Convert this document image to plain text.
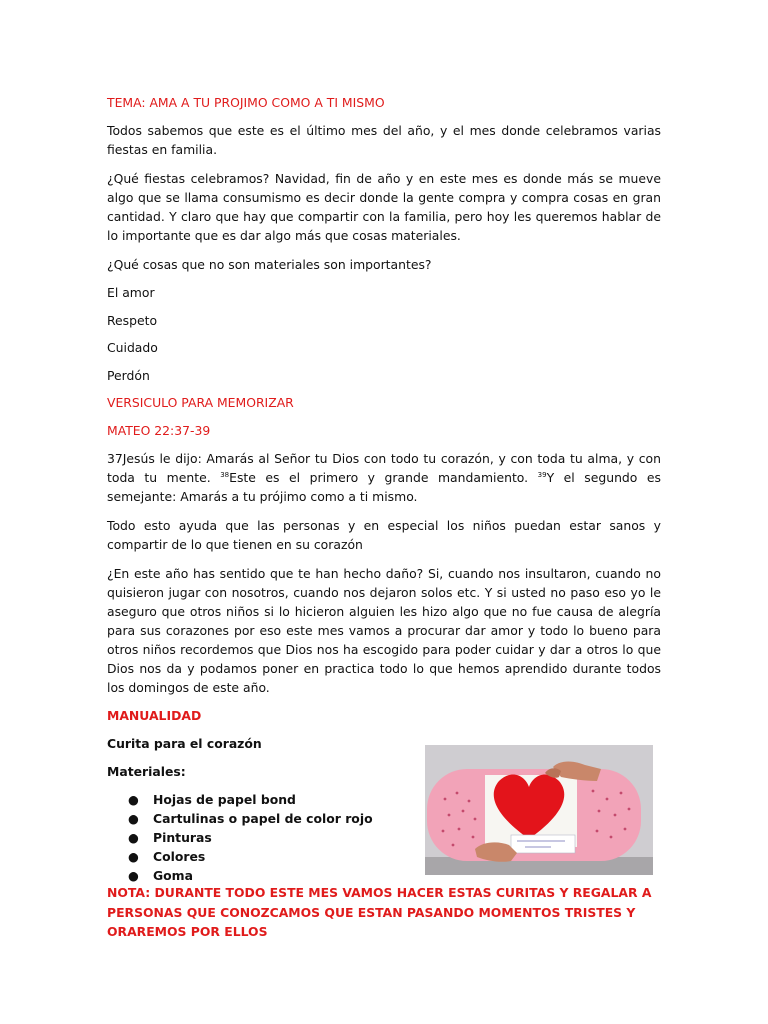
TEMA: AMA A TU PROJIMO COMO A TI MISMO

Todos sabemos que este es el último mes del año, y el mes donde celebramos varias fiestas en familia.

¿Qué fiestas celebramos? Navidad, fin de año y en este mes es donde más se mueve algo que se llama consumismo es decir donde la gente compra y compra cosas en gran cantidad. Y claro que hay que compartir con la familia, pero hoy les queremos hablar de lo importante que es dar algo más que cosas materiales.

¿Qué cosas que no son materiales son importantes?

El amor

Respeto

Cuidado

Perdón

VERSICULO PARA MEMORIZAR

MATEO 22:37-39

37Jesús le dijo: Amarás al Señor tu Dios con todo tu corazón, y con toda tu alma, y con toda tu mente. $^{38}$Este es el primero y grande mandamiento. $^{39}$Y el segundo es semejante: Amarás a tu prójimo como a ti mismo.

Todo esto ayuda que las personas y en especial los niños puedan estar sanos y compartir de lo que tienen en su corazón

¿En este año has sentido que te han hecho daño? Si, cuando nos insultaron, cuando no quisieron jugar con nosotros, cuando nos dejaron solos etc. Y si usted no paso eso yo le aseguro que otros niños si lo hicieron alguien les hizo algo que no fue causa de alegría para sus corazones por eso este mes vamos a procurar dar amor y todo lo bueno para otros niños recordemos que Dios nos ha escogido para poder cuidar y dar a otros lo que Dios nos da y podamos poner en practica todo lo que hemos aprendido durante todos los domingos de este año.

MANUALIDAD

Curita para el corazón

Materiales:

● Hojas de papel bond
● Cartulinas o papel de color rojo
● Pinturas
● Colores
● Goma

NOTA: DURANTE TODO ESTE MES VAMOS HACER ESTAS CURITAS Y REGALAR A PERSONAS QUE CONOZCAMOS QUE ESTAN PASANDO MOMENTOS TRISTES Y ORAREMOS POR ELLOS
